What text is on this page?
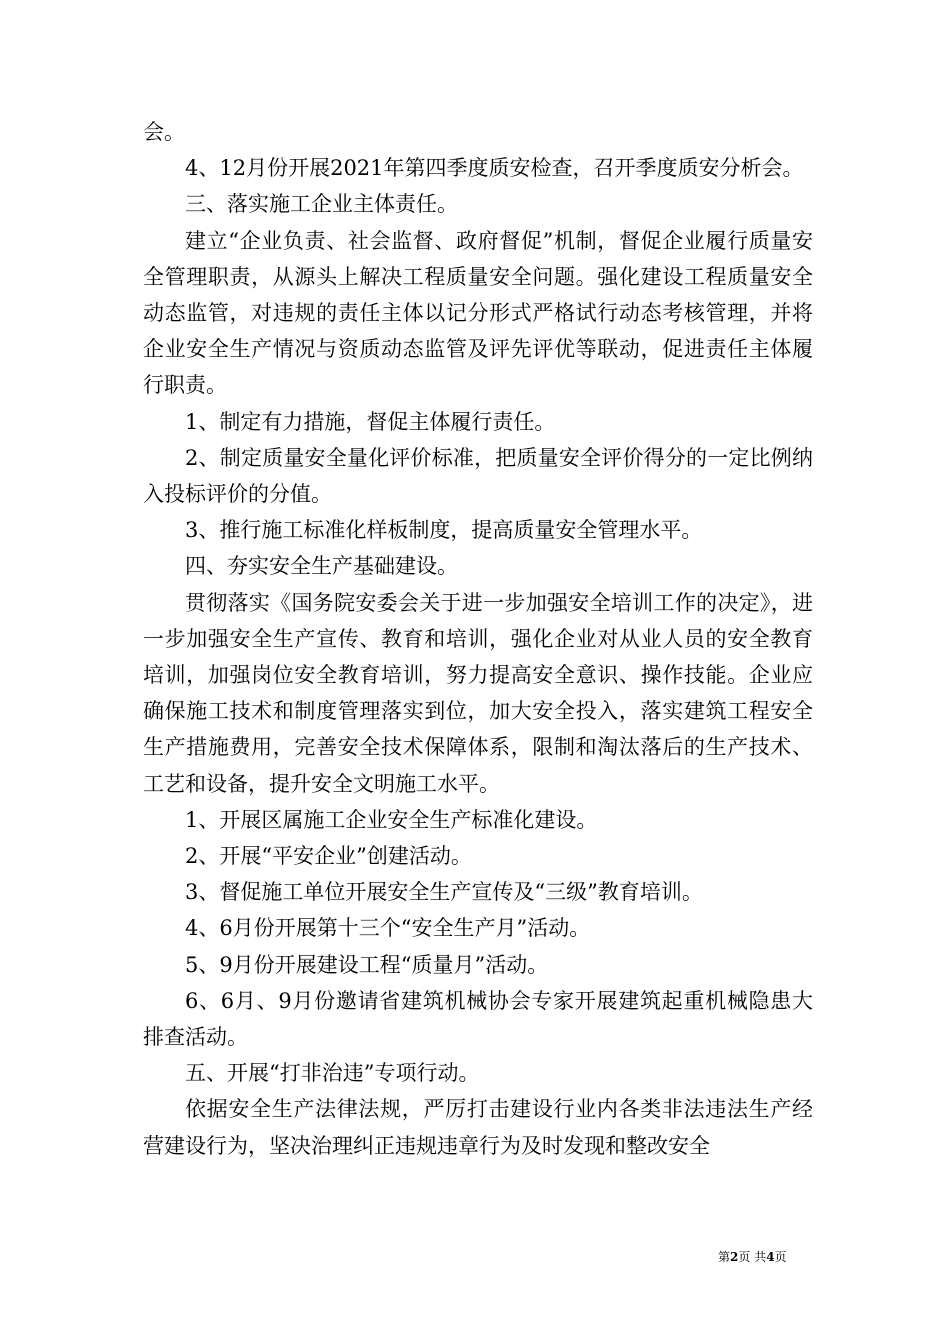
会。

4、12月份开展2021年第四季度质安检查，召开季度质安分析会。

三、落实施工企业主体责任。

建立“企业负责、社会监督、政府督促”机制，督促企业履行质量安全管理职责，从源头上解决工程质量安全问题。强化建设工程质量安全动态监管，对违规的责任主体以记分形式严格试行动态考核管理，并将企业安全生产情况与资质动态监管及评先评优等联动，促进责任主体履行职责。

1、制定有力措施，督促主体履行责任。

2、制定质量安全量化评价标准，把质量安全评价得分的一定比例纳入投标评价的分值。

3、推行施工标准化样板制度，提高质量安全管理水平。

四、夯实安全生产基础建设。

贯彻落实《国务院安委会关于进一步加强安全培训工作的决定》，进一步加强安全生产宣传、教育和培训，强化企业对从业人员的安全教育培训，加强岗位安全教育培训，努力提高安全意识、操作技能。企业应确保施工技术和制度管理落实到位，加大安全投入，落实建筑工程安全生产措施费用，完善安全技术保障体系，限制和淘汰落后的生产技术、工艺和设备，提升安全文明施工水平。

1、开展区属施工企业安全生产标准化建设。

2、开展“平安企业”创建活动。

3、督促施工单位开展安全生产宣传及“三级”教育培训。

4、6月份开展第十三个“安全生产月”活动。

5、9月份开展建设工程“质量月”活动。

6、6月、9月份邀请省建筑机械协会专家开展建筑起重机械隐患大排查活动。

五、开展“打非治违”专项行动。

依据安全生产法律法规，严厉打击建设行业内各类非法违法生产经营建设行为，坚决治理纠正违规违章行为及时发现和整改安全

第2页 共4页
